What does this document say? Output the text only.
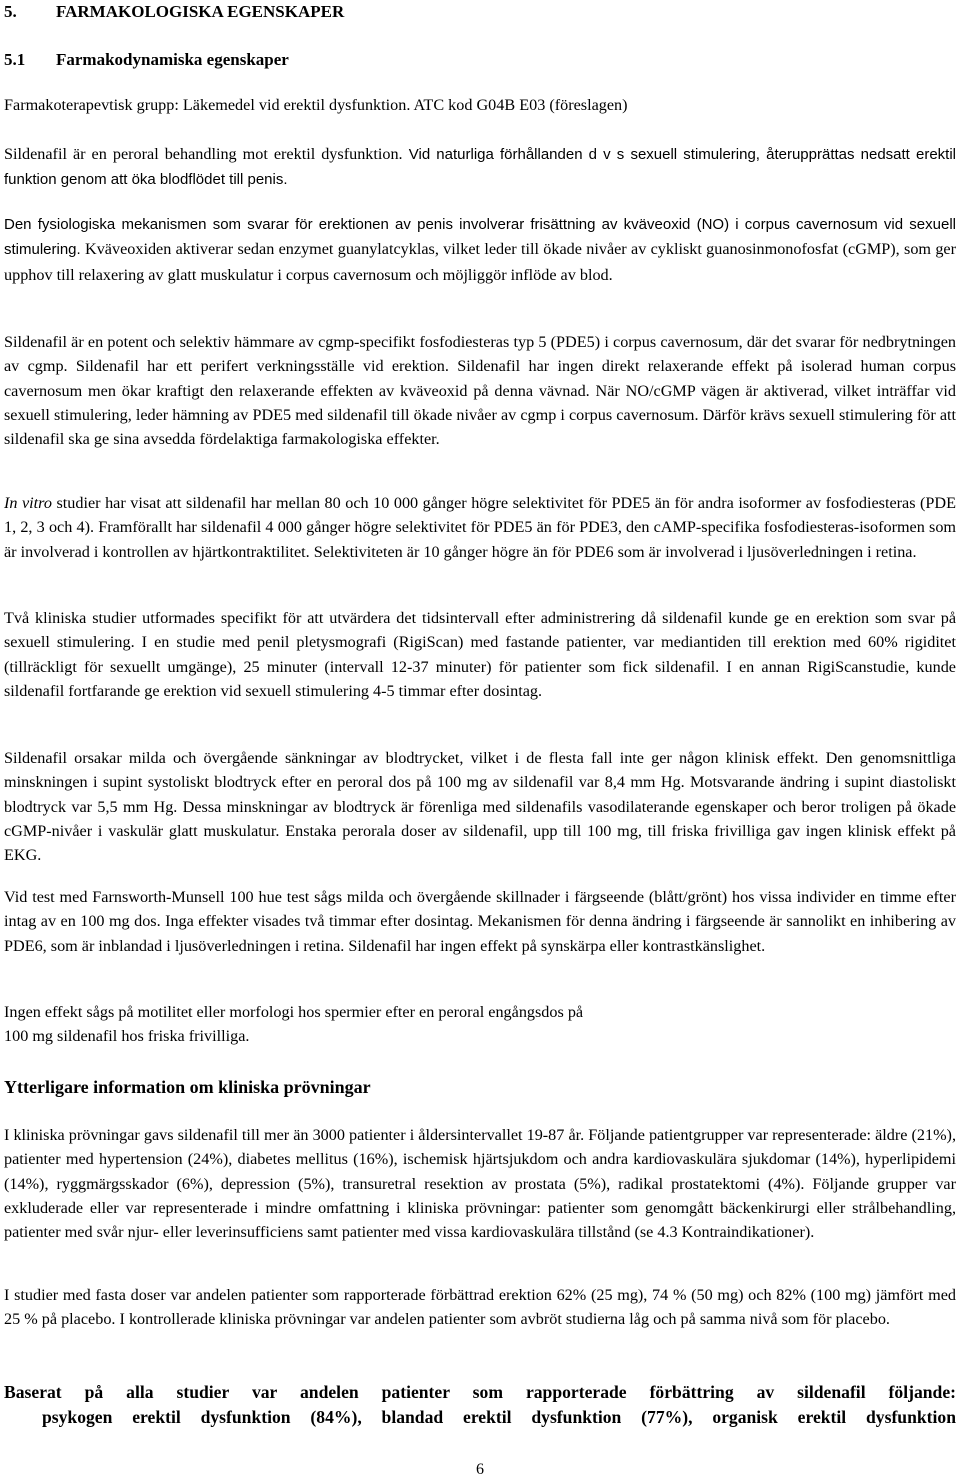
5. FARMAKOLOGISKA EGENSKAPER
5.1 Farmakodynamiska egenskaper

Farmakoterapevtisk grupp: Läkemedel vid erektil dysfunktion. ATC kod G04B E03 (föreslagen)

Sildenafil är en peroral behandling mot erektil dysfunktion. Vid naturliga förhållanden d v s sexuell stimulering, återupprättas nedsatt erektil funktion genom att öka blodflödet till penis.

Den fysiologiska mekanismen som svarar för erektionen av penis involverar frisättning av kväveoxid (NO) i corpus cavernosum vid sexuell stimulering. Kväveoxiden aktiverar sedan enzymet guanylatcyklas, vilket leder till ökade nivåer av cykliskt guanosinmonofosfat (cGMP), som ger upphov till relaxering av glatt muskulatur i corpus cavernosum och möjliggör inflöde av blod.

Sildenafil är en potent och selektiv hämmare av cgmp-specifikt fosfodiesteras typ 5 (PDE5) i corpus cavernosum, där det svarar för nedbrytningen av cgmp. Sildenafil har ett perifert verkningsställe vid erektion. Sildenafil har ingen direkt relaxerande effekt på isolerad human corpus cavernosum men ökar kraftigt den relaxerande effekten av kväveoxid på denna vävnad. När NO/cGMP vägen är aktiverad, vilket inträffar vid sexuell stimulering, leder hämning av PDE5 med sildenafil till ökade nivåer av cgmp i corpus cavernosum. Därför krävs sexuell stimulering för att sildenafil ska ge sina avsedda fördelaktiga farmakologiska effekter.

In vitro studier har visat att sildenafil har mellan 80 och 10 000 gånger högre selektivitet för PDE5 än för andra isoformer av fosfodiesteras (PDE 1, 2, 3 och 4). Framförallt har sildenafil 4 000 gånger högre selektivitet för PDE5 än för PDE3, den cAMP-specifika fosfodiesteras-isoformen som är involverad i kontrollen av hjärtkontraktilitet. Selektiviteten är 10 gånger högre än för PDE6 som är involverad i ljusöverledningen i retina.

Två kliniska studier utformades specifikt för att utvärdera det tidsintervall efter administrering då sildenafil kunde ge en erektion som svar på sexuell stimulering. I en studie med penil pletysmografi (RigiScan) med fastande patienter, var mediantiden till erektion med 60% rigiditet (tillräckligt för sexuellt umgänge), 25 minuter (intervall 12-37 minuter) för patienter som fick sildenafil. I en annan RigiScanstudie, kunde sildenafil fortfarande ge erektion vid sexuell stimulering 4-5 timmar efter dosintag.

Sildenafil orsakar milda och övergående sänkningar av blodtrycket, vilket i de flesta fall inte ger någon klinisk effekt. Den genomsnittliga minskningen i supint systoliskt blodtryck efter en peroral dos på 100 mg av sildenafil var 8,4 mm Hg. Motsvarande ändring i supint diastoliskt blodtryck var 5,5 mm Hg. Dessa minskningar av blodtryck är förenliga med sildenafils vasodilaterande egenskaper och beror troligen på ökade cGMP-nivåer i vaskulär glatt muskulatur. Enstaka perorala doser av sildenafil, upp till 100 mg, till friska frivilliga gav ingen klinisk effekt på EKG.

Vid test med Farnsworth-Munsell 100 hue test sågs milda och övergående skillnader i färgseende (blått/grönt) hos vissa individer en timme efter intag av en 100 mg dos. Inga effekter visades två timmar efter dosintag. Mekanismen för denna ändring i färgseende är sannolikt en inhibering av PDE6, som är inblandad i ljusöverledningen i retina. Sildenafil har ingen effekt på synskärpa eller kontrastkänslighet.

Ingen effekt sågs på motilitet eller morfologi hos spermier efter en peroral engångsdos på
100 mg sildenafil hos friska frivilliga.
Ytterligare information om kliniska prövningar

I kliniska prövningar gavs sildenafil till mer än 3000 patienter i åldersintervallet 19-87 år. Följande patientgrupper var representerade: äldre (21%), patienter med hypertension (24%), diabetes mellitus (16%), ischemisk hjärtsjukdom och andra kardiovaskulära sjukdomar (14%), hyperlipidemi (14%), ryggmärgsskador (6%), depression (5%), transuretral resektion av prostata (5%), radikal prostatektomi (4%). Följande grupper var exkluderade eller var representerade i mindre omfattning i kliniska prövningar: patienter som genomgått bäckenkirurgi eller strålbehandling, patienter med svår njur- eller leverinsufficiens samt patienter med vissa kardiovaskulära tillstånd (se 4.3 Kontraindikationer).

I studier med fasta doser var andelen patienter som rapporterade förbättrad erektion 62% (25 mg), 74 % (50 mg) och 82% (100 mg) jämfört med 25 % på placebo. I kontrollerade kliniska prövningar var andelen patienter som avbröt studierna låg och på samma nivå som för placebo.

Baserat på alla studier var andelen patienter som rapporterade förbättring av sildenafil följande:
psykogen erektil dysfunktion (84%), blandad erektil dysfunktion (77%), organisk erektil dysfunktion
6
